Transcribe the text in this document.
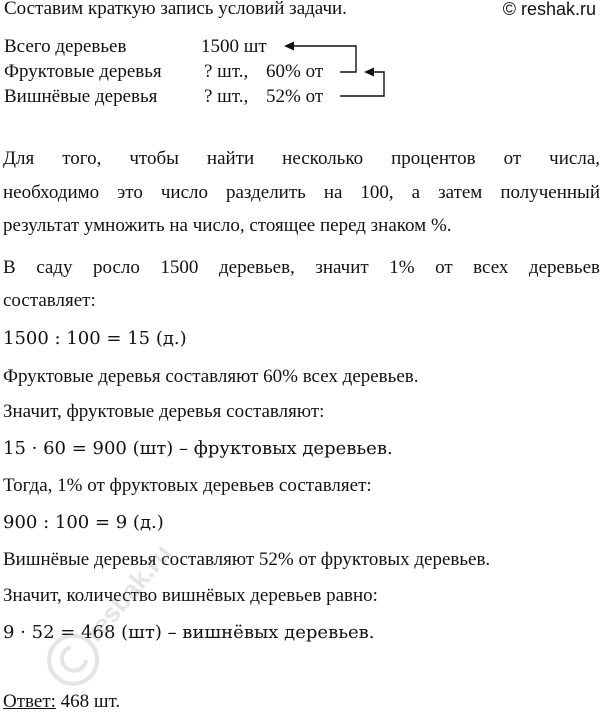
Составим краткую запись условий задачи.	© reshak.ru
Всего деревьев	1500 шт
Фруктовые деревья ? шт., 60% от
Вишнёвые деревья ? шт., 52% от
Для того, чтобы найти несколько процентов от числа,
необходимо это число разделить на 100, а затем полученный
результат умножить на число, стоящее перед знаком %.
В саду росло 1500 деревьев, значит 1% от всех деревьев
составляет:
1500 : 100 = 15 (д.)
Фруктовые деревья составляют 60% всех деревьев.
Значит, фруктовые деревья составляют:
15 · 60 = 900 (шт) – фруктовых деревьев.
Тогда, 1% от фруктовых деревьев составляет:
900 : 100 = 9 (д.)
Вишнёвые деревья составляют 52% от фруктовых деревьев.
Значит, количество вишнёвых деревьев равно:
9 · 52 = 468 (шт) – вишнёвых деревьев.
Ответ: 468 шт.
resbak.ru
